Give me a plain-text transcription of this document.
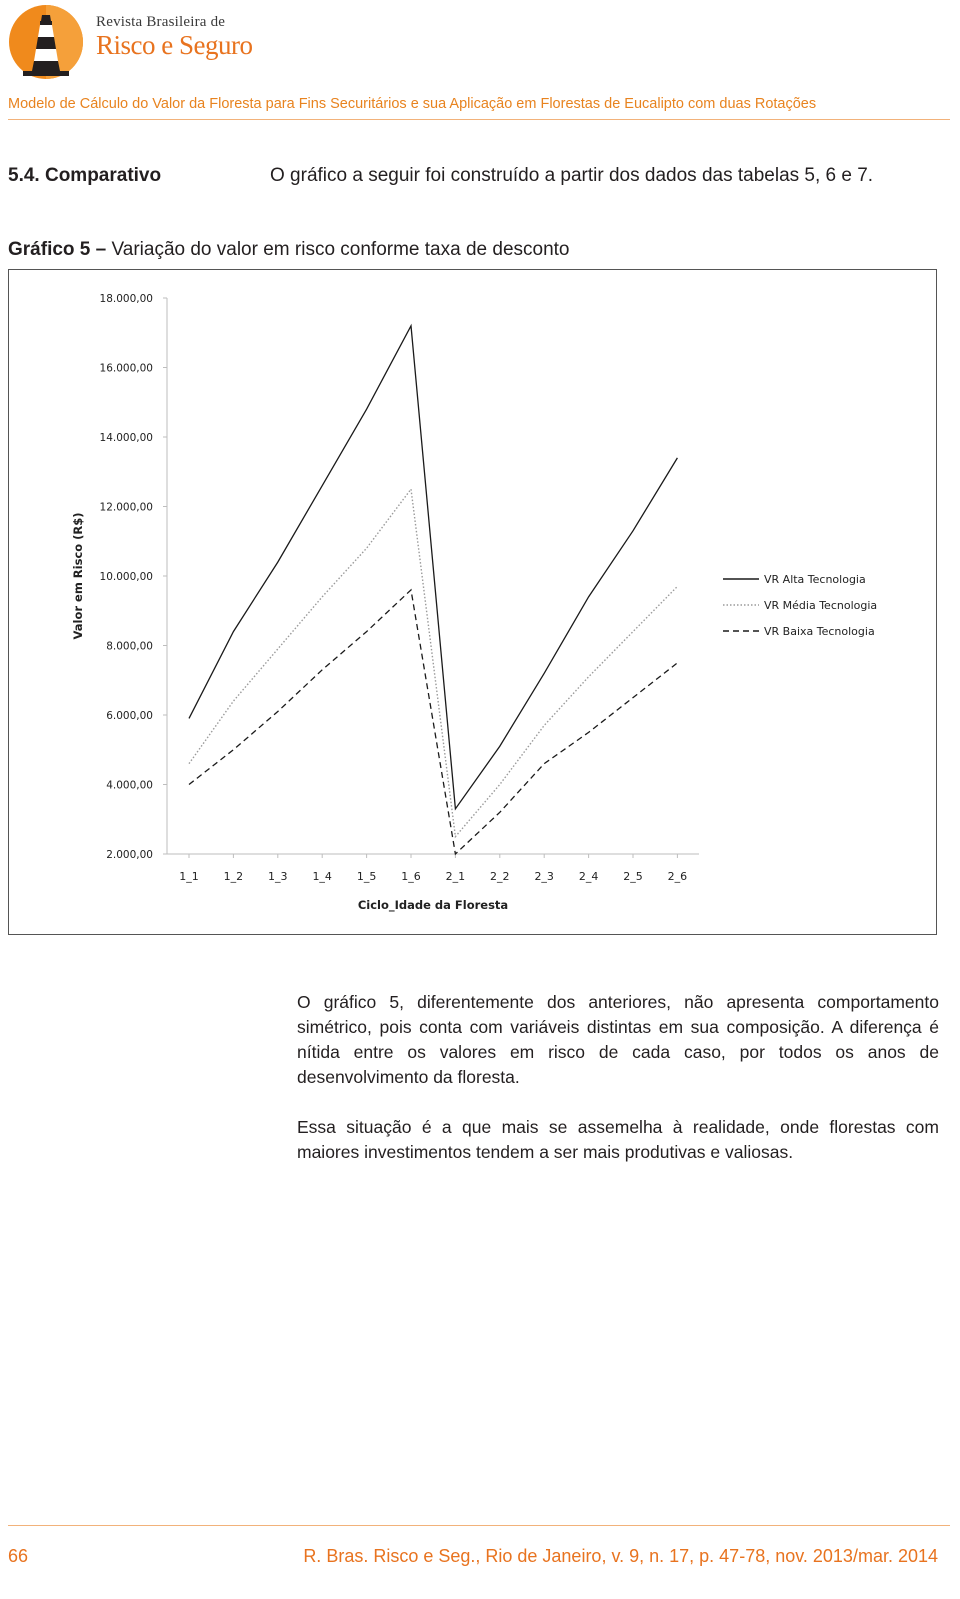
Revista Brasileira de
Risco e Seguro
Modelo de Cálculo do Valor da Floresta para Fins Securitários e sua Aplicação em Florestas de Eucalipto com duas Rotações
5.4. Comparativo	O gráfico a seguir foi construído a partir dos dados das tabelas 5, 6 e 7.
Gráfico 5 – Variação do valor em risco conforme taxa de desconto
2.000,00
4.000,00
6.000,00
8.000,00
10.000,00
12.000,00
14.000,00
16.000,00
18.000,00
1_1 1_2 1_3 1_4 1_5 1_6 2_1 2_2 2_3 2_4 2_5 2_6
Ciclo_Idade da Floresta
Valor em Risco (R$)	VR Alta Tecnologia
VR Média Tecnologia
VR Baixa Tecnologia
O gráfico 5, diferentemente dos anteriores, não apresenta comportamento simétrico, pois conta com variáveis distintas em sua composição. A diferença é nítida entre os valores em risco de cada caso, por todos os anos de desenvolvimento da floresta.
Essa situação é a que mais se assemelha à realidade, onde florestas com maiores investimentos tendem a ser mais produtivas e valiosas.
66	R. Bras. Risco e Seg., Rio de Janeiro, v. 9, n. 17, p. 47-78, nov. 2013/mar. 2014
